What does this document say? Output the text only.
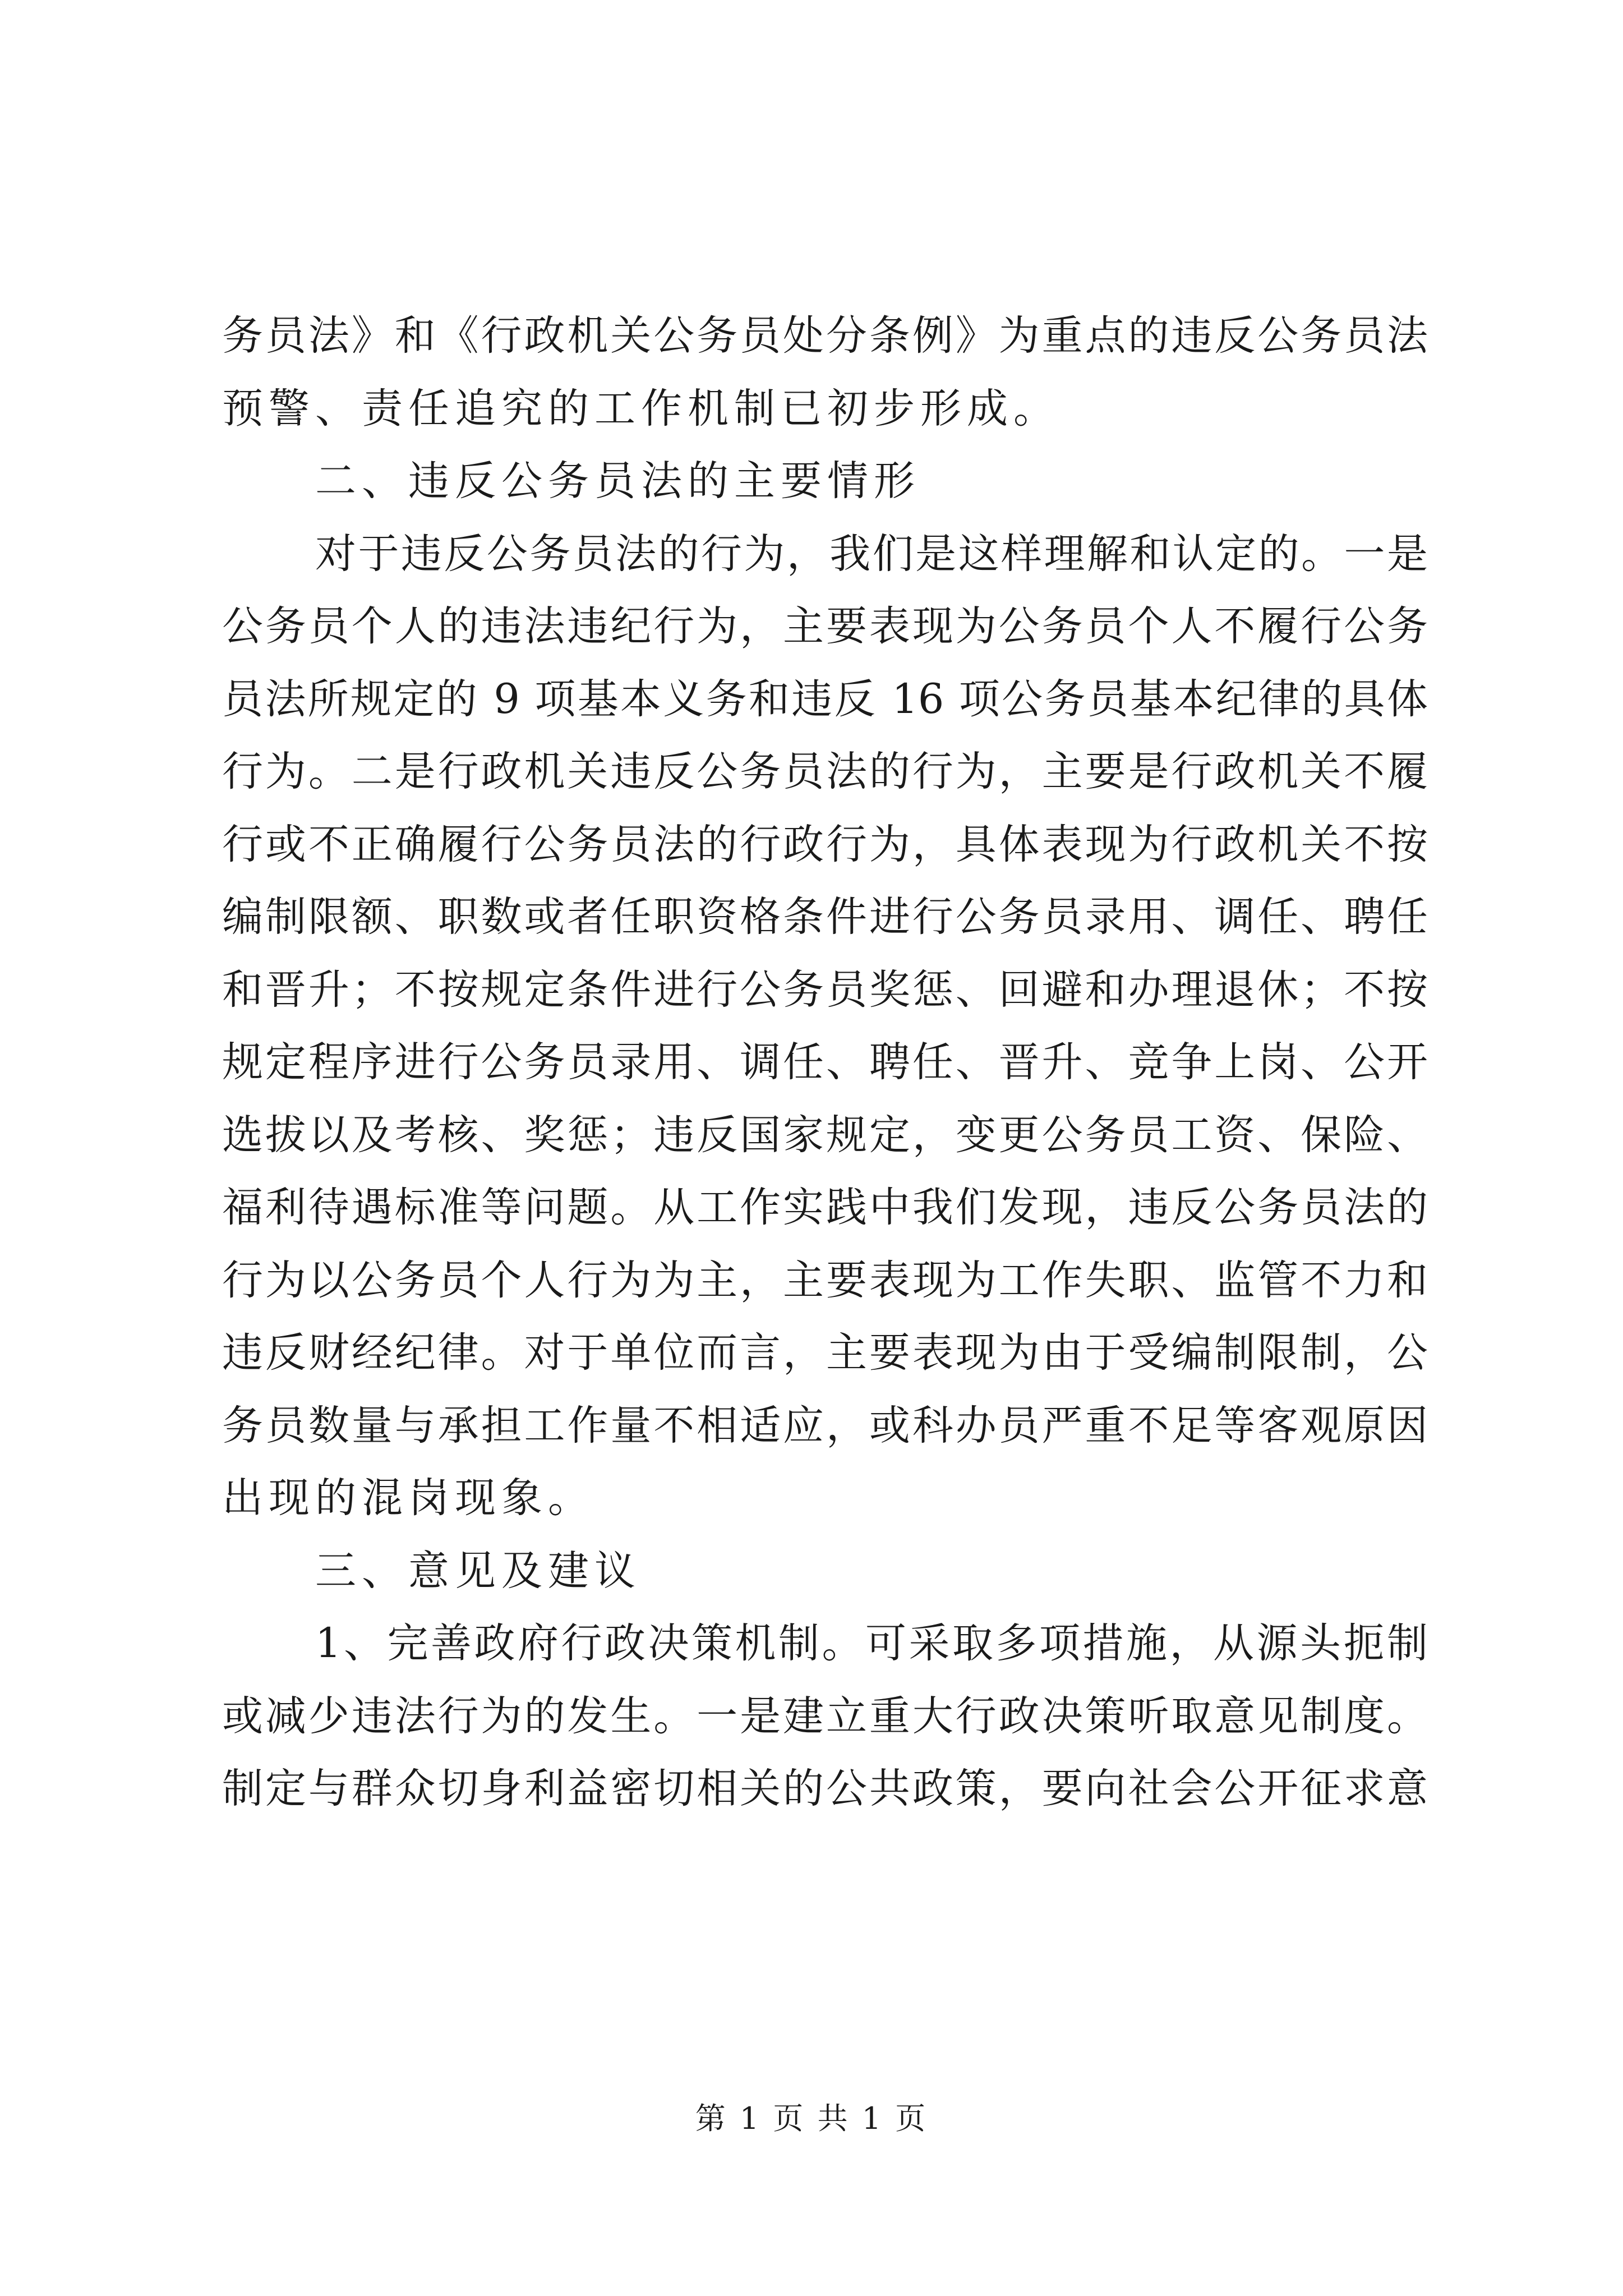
务员法》和《行政机关公务员处分条例》为重点的违反公务员法
预警、责任追究的工作机制已初步形成。
二、违反公务员法的主要情形
对于违反公务员法的行为，我们是这样理解和认定的。一是
公务员个人的违法违纪行为，主要表现为公务员个人不履行公务
员法所规定的 9 项基本义务和违反 16 项公务员基本纪律的具体
行为。二是行政机关违反公务员法的行为，主要是行政机关不履
行或不正确履行公务员法的行政行为，具体表现为行政机关不按
编制限额、职数或者任职资格条件进行公务员录用、调任、聘任
和晋升；不按规定条件进行公务员奖惩、回避和办理退休；不按
规定程序进行公务员录用、调任、聘任、晋升、竞争上岗、公开
选拔以及考核、奖惩；违反国家规定，变更公务员工资、保险、
福利待遇标准等问题。从工作实践中我们发现，违反公务员法的
行为以公务员个人行为为主，主要表现为工作失职、监管不力和
违反财经纪律。对于单位而言，主要表现为由于受编制限制，公
务员数量与承担工作量不相适应，或科办员严重不足等客观原因
出现的混岗现象。
三、意见及建议
1、完善政府行政决策机制。可采取多项措施，从源头扼制
或减少违法行为的发生。一是建立重大行政决策听取意见制度。
制定与群众切身利益密切相关的公共政策，要向社会公开征求意
第 1 页 共 1 页
